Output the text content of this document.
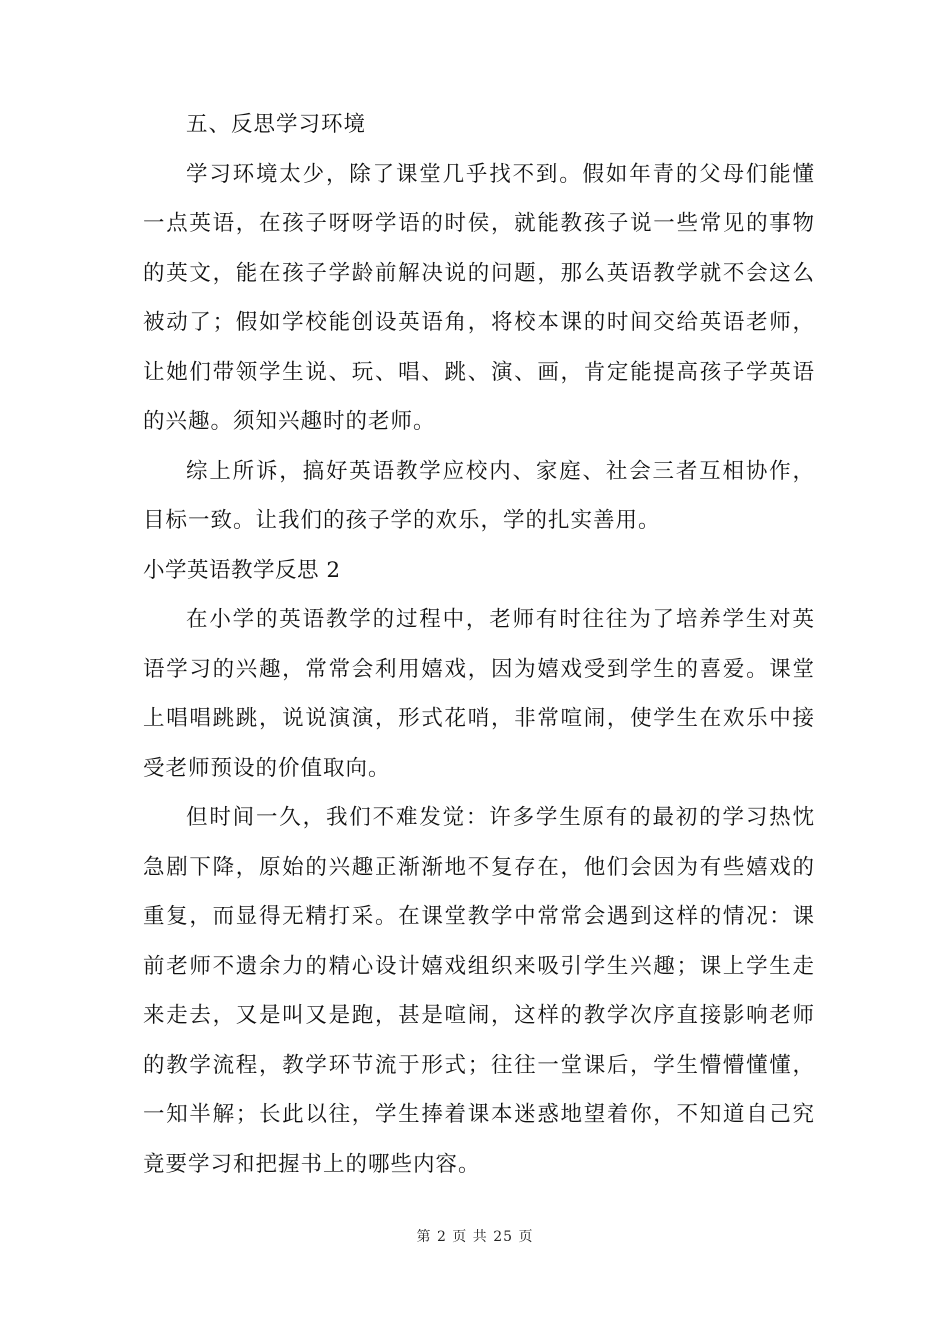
五、反思学习环境

学习环境太少，除了课堂几乎找不到。假如年青的父母们能懂一点英语，在孩子呀呀学语的时侯，就能教孩子说一些常见的事物的英文，能在孩子学龄前解决说的问题，那么英语教学就不会这么被动了；假如学校能创设英语角，将校本课的时间交给英语老师，让她们带领学生说、玩、唱、跳、演、画，肯定能提高孩子学英语的兴趣。须知兴趣时的老师。

综上所诉，搞好英语教学应校内、家庭、社会三者互相协作，目标一致。让我们的孩子学的欢乐，学的扎实善用。

小学英语教学反思 2

在小学的英语教学的过程中，老师有时往往为了培养学生对英语学习的兴趣，常常会利用嬉戏，因为嬉戏受到学生的喜爱。课堂上唱唱跳跳，说说演演，形式花哨，非常喧闹，使学生在欢乐中接受老师预设的价值取向。

但时间一久，我们不难发觉：许多学生原有的最初的学习热忱急剧下降，原始的兴趣正渐渐地不复存在，他们会因为有些嬉戏的重复，而显得无精打采。在课堂教学中常常会遇到这样的情况：课前老师不遗余力的精心设计嬉戏组织来吸引学生兴趣；课上学生走来走去，又是叫又是跑，甚是喧闹，这样的教学次序直接影响老师的教学流程，教学环节流于形式；往往一堂课后，学生懵懵懂懂，一知半解；长此以往，学生捧着课本迷惑地望着你，不知道自己究竟要学习和把握书上的哪些内容。

第 2 页 共 25 页
